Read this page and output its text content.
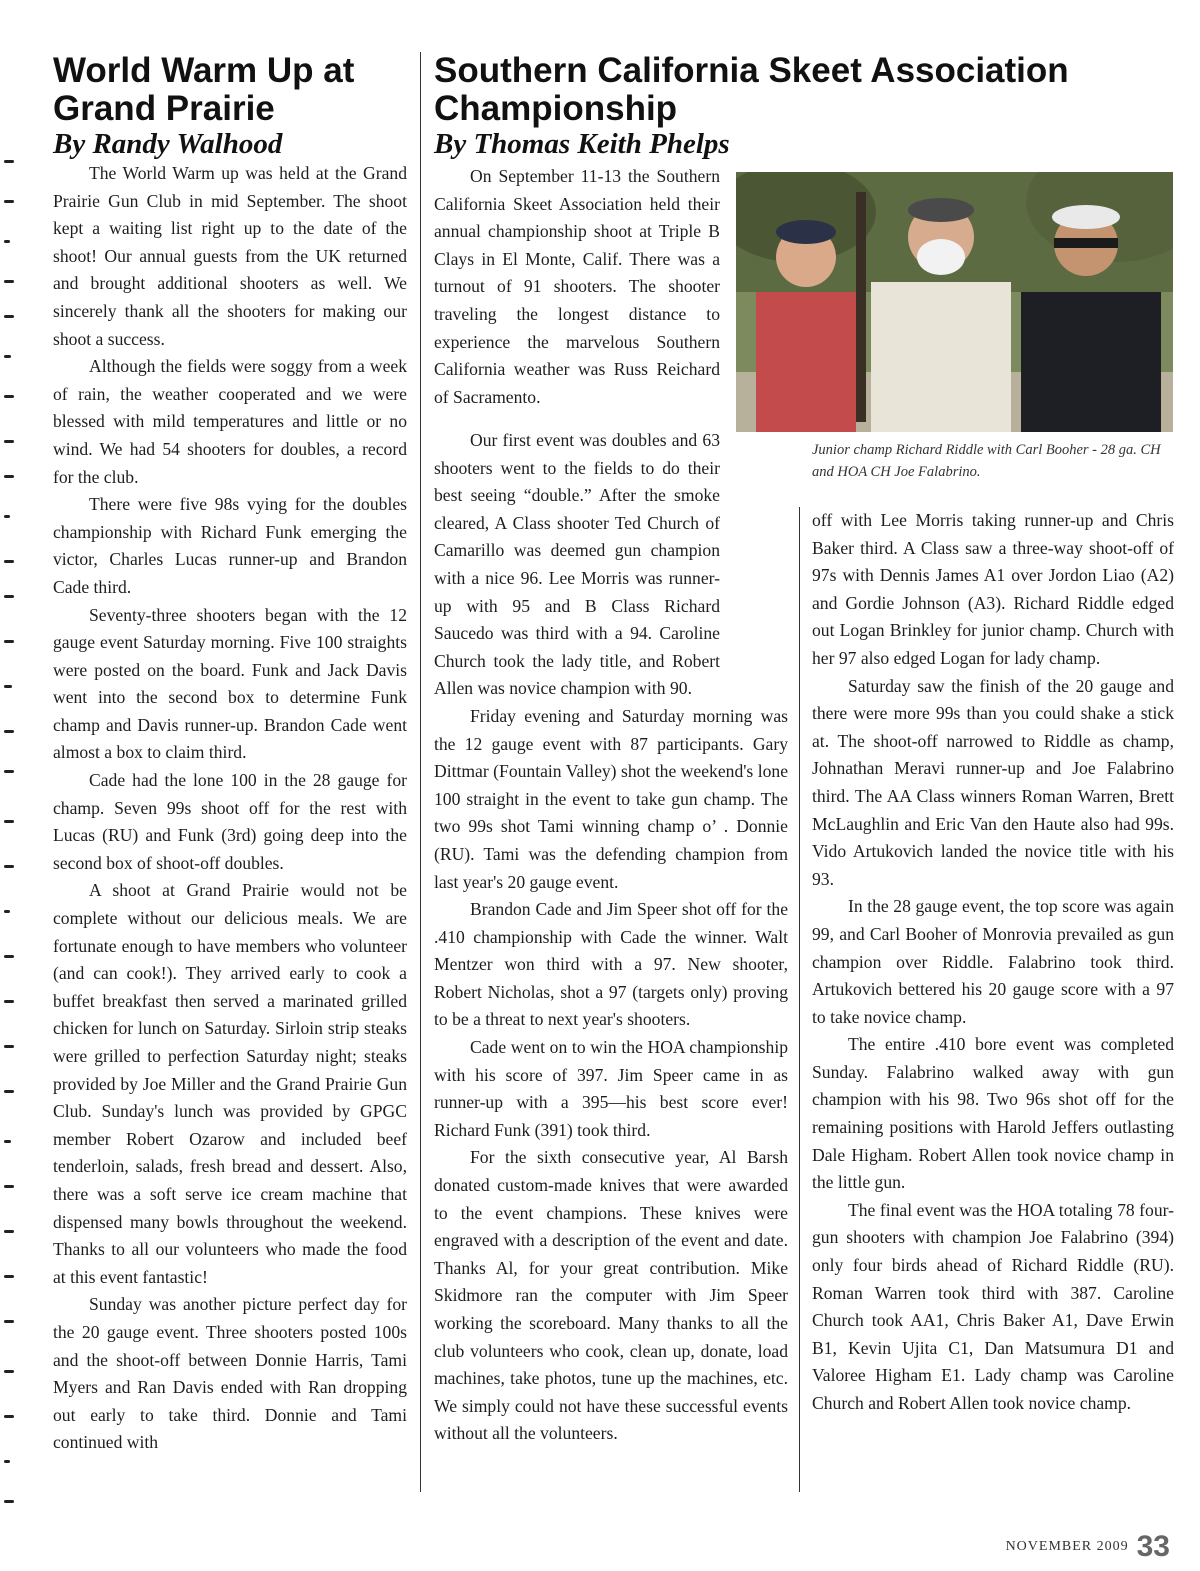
World Warm Up at Grand Prairie
By Randy Walhood

The World Warm up was held at the Grand Prairie Gun Club in mid September. The shoot kept a waiting list right up to the date of the shoot! Our annual guests from the UK returned and brought additional shooters as well. We sincerely thank all the shooters for making our shoot a success.

Although the fields were soggy from a week of rain, the weather cooperated and we were blessed with mild temperatures and little or no wind. We had 54 shooters for doubles, a record for the club.

There were five 98s vying for the doubles championship with Richard Funk emerging the victor, Charles Lucas runner-up and Brandon Cade third.

Seventy-three shooters began with the 12 gauge event Saturday morning. Five 100 straights were posted on the board. Funk and Jack Davis went into the second box to determine Funk champ and Davis runner-up. Brandon Cade went almost a box to claim third.

Cade had the lone 100 in the 28 gauge for champ. Seven 99s shoot off for the rest with Lucas (RU) and Funk (3rd) going deep into the second box of shoot-off doubles.

A shoot at Grand Prairie would not be complete without our delicious meals. We are fortunate enough to have members who volunteer (and can cook!). They arrived early to cook a buffet breakfast then served a marinated grilled chicken for lunch on Saturday. Sirloin strip steaks were grilled to perfection Saturday night; steaks provided by Joe Miller and the Grand Prairie Gun Club. Sunday's lunch was provided by GPGC member Robert Ozarow and included beef tenderloin, salads, fresh bread and dessert. Also, there was a soft serve ice cream machine that dispensed many bowls throughout the weekend. Thanks to all our volunteers who made the food at this event fantastic!

Sunday was another picture perfect day for the 20 gauge event. Three shooters posted 100s and the shoot-off between Donnie Harris, Tami Myers and Ran Davis ended with Ran dropping out early to take third. Donnie and Tami continued with

Southern California Skeet Association Championship
By Thomas Keith Phelps

On September 11-13 the Southern California Skeet Association held their annual championship shoot at Triple B Clays in El Monte, Calif. There was a turnout of 91 shooters. The shooter traveling the longest distance to experience the marvelous Southern California weather was Russ Reichard of Sacramento.

Junior champ Richard Riddle with Carl Booher - 28 ga. CH and HOA CH Joe Falabrino.

Our first event was doubles and 63 shooters went to the fields to do their best seeing “double.” After the smoke cleared, A Class shooter Ted Church of Camarillo was deemed gun champion with a nice 96. Lee Morris was runner-up with 95 and B Class Richard Saucedo was third with a 94. Caroline Church took the lady title, and Robert Allen was novice champion with 90.

Friday evening and Saturday morning was the 12 gauge event with 87 participants. Gary Dittmar (Fountain Valley) shot the weekend's lone 100 straight in the event to take gun champ. The two 99s shot Tami winning champ o’ . Donnie (RU). Tami was the defending champion from last year's 20 gauge event.

Brandon Cade and Jim Speer shot off for the .410 championship with Cade the winner. Walt Mentzer won third with a 97. New shooter, Robert Nicholas, shot a 97 (targets only) proving to be a threat to next year's shooters.

Cade went on to win the HOA championship with his score of 397. Jim Speer came in as runner-up with a 395—his best score ever! Richard Funk (391) took third.

For the sixth consecutive year, Al Barsh donated custom-made knives that were awarded to the event champions. These knives were engraved with a description of the event and date. Thanks Al, for your great contribution. Mike Skidmore ran the computer with Jim Speer working the scoreboard. Many thanks to all the club volunteers who cook, clean up, donate, load machines, take photos, tune up the machines, etc. We simply could not have these successful events without all the volunteers.

off with Lee Morris taking runner-up and Chris Baker third. A Class saw a three-way shoot-off of 97s with Dennis James A1 over Jordon Liao (A2) and Gordie Johnson (A3). Richard Riddle edged out Logan Brinkley for junior champ. Church with her 97 also edged Logan for lady champ.

Saturday saw the finish of the 20 gauge and there were more 99s than you could shake a stick at. The shoot-off narrowed to Riddle as champ, Johnathan Meravi runner-up and Joe Falabrino third. The AA Class winners Roman Warren, Brett McLaughlin and Eric Van den Haute also had 99s. Vido Artukovich landed the novice title with his 93.

In the 28 gauge event, the top score was again 99, and Carl Booher of Monrovia prevailed as gun champion over Riddle. Falabrino took third. Artukovich bettered his 20 gauge score with a 97 to take novice champ.

The entire .410 bore event was completed Sunday. Falabrino walked away with gun champion with his 98. Two 96s shot off for the remaining positions with Harold Jeffers outlasting Dale Higham. Robert Allen took novice champ in the little gun.

The final event was the HOA totaling 78 four-gun shooters with champion Joe Falabrino (394) only four birds ahead of Richard Riddle (RU). Roman Warren took third with 387. Caroline Church took AA1, Chris Baker A1, Dave Erwin B1, Kevin Ujita C1, Dan Matsumura D1 and Valoree Higham E1. Lady champ was Caroline Church and Robert Allen took novice champ.

NOVEMBER 2009 33
